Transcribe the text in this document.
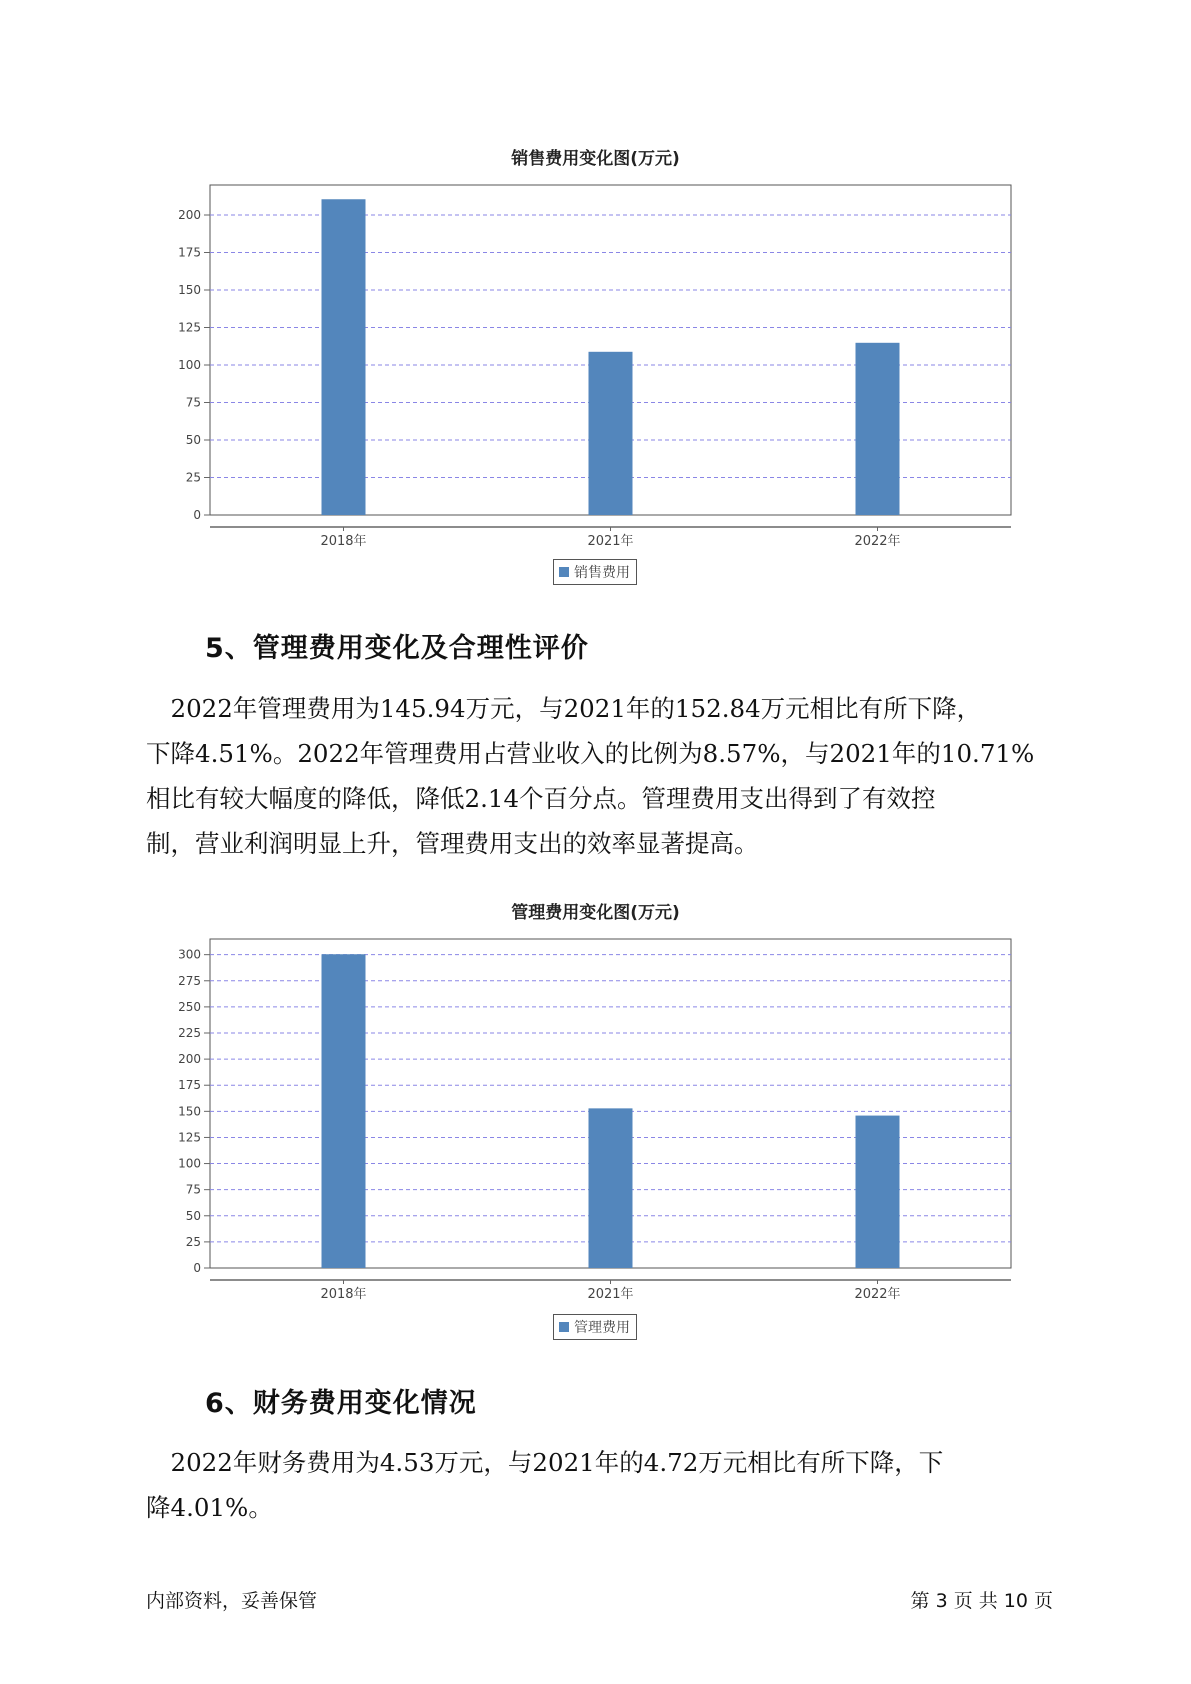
销售费用变化图(万元)
0
25
50
75
100
125
150
175
200
2018年	2021年	2022年
销售费用
5、管理费用变化及合理性评价

　2022年管理费用为145.94万元，与2021年的152.84万元相比有所下降，

下降4.51%。2022年管理费用占营业收入的比例为8.57%，与2021年的10.71%

相比有较大幅度的降低，降低2.14个百分点。管理费用支出得到了有效控

制，营业利润明显上升，管理费用支出的效率显著提高。

管理费用变化图(万元)
0
25
50
75
100
125
150
175
200
225
250
275
300
2018年	2021年	2022年
管理费用
6、财务费用变化情况

　2022年财务费用为4.53万元，与2021年的4.72万元相比有所下降，下

降4.01%。

内部资料，妥善保管	第 3 页 共 10 页
